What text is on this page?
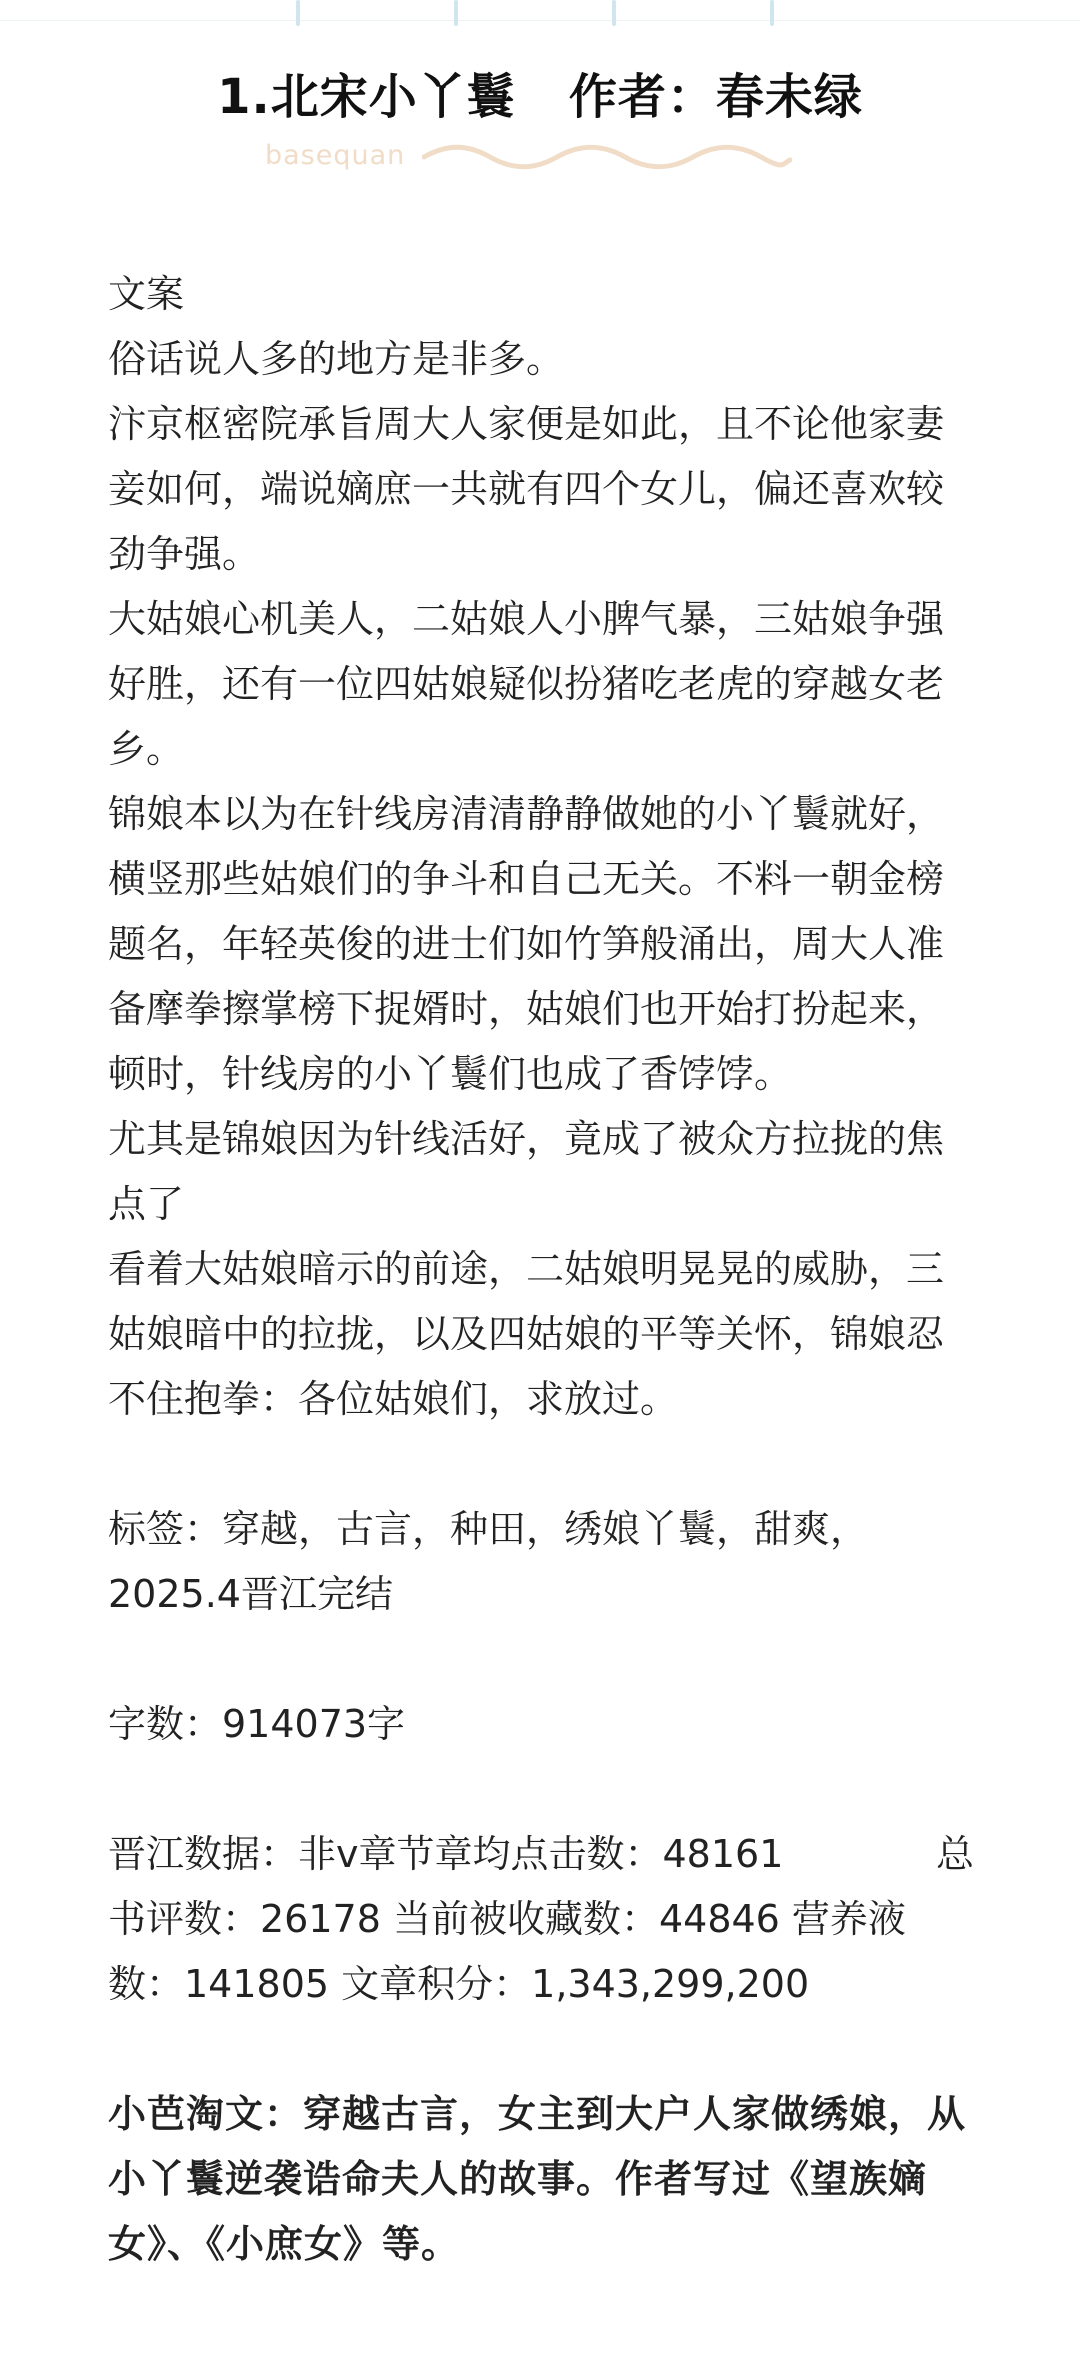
1.北宋小丫鬟   作者：春未绿
basequan

文案

俗话说人多的地方是非多。

汴京枢密院承旨周大人家便是如此，且不论他家妻妾如何，端说嫡庶一共就有四个女儿，偏还喜欢较劲争强。

大姑娘心机美人，二姑娘人小脾气暴，三姑娘争强好胜，还有一位四姑娘疑似扮猪吃老虎的穿越女老乡。

锦娘本以为在针线房清清静静做她的小丫鬟就好，横竖那些姑娘们的争斗和自己无关。不料一朝金榜题名，年轻英俊的进士们如竹笋般涌出，周大人准备摩拳擦掌榜下捉婿时，姑娘们也开始打扮起来，顿时，针线房的小丫鬟们也成了香饽饽。

尤其是锦娘因为针线活好，竟成了被众方拉拢的焦点了

看着大姑娘暗示的前途，二姑娘明晃晃的威胁，三姑娘暗中的拉拢，以及四姑娘的平等关怀，锦娘忍不住抱拳：各位姑娘们，求放过。

标签：穿越，古言，种田，绣娘丫鬟，甜爽，

2025.4晋江完结

字数：914073字

晋江数据：非v章节章均点击数：48161	总

书评数：26178 当前被收藏数：44846 营养液

数：141805 文章积分：1,343,299,200

小芭淘文：穿越古言，女主到大户人家做绣娘，从小丫鬟逆袭诰命夫人的故事。作者写过《望族嫡女》、《小庶女》等。
